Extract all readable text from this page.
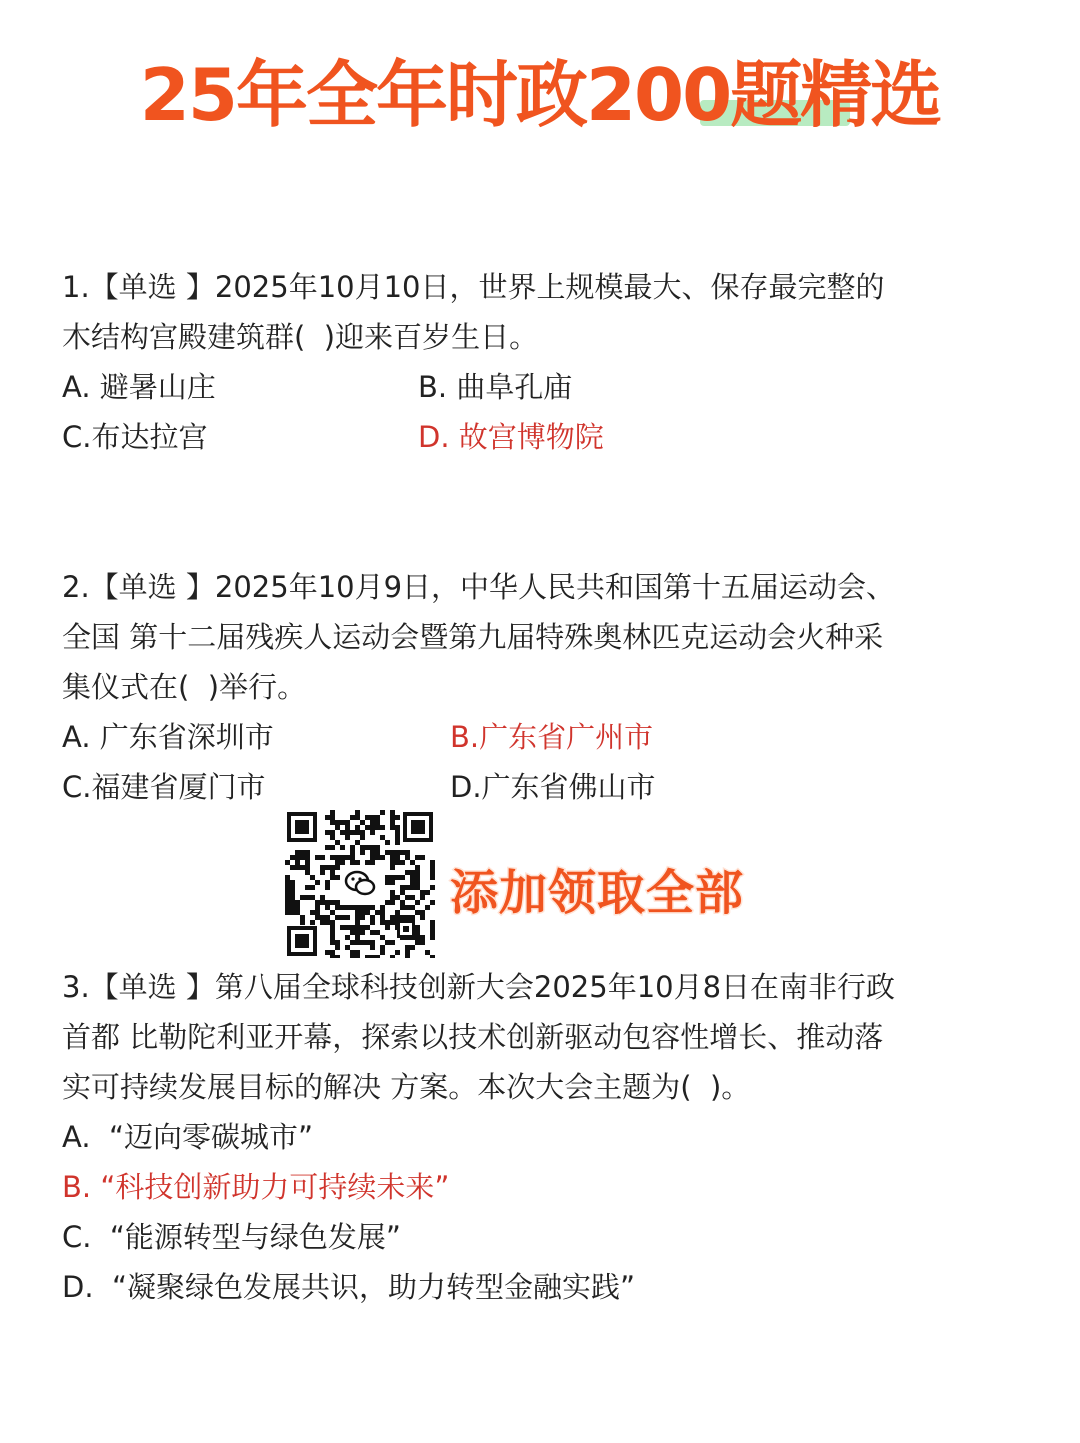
25年全年时政200题精选
1.【单选 】2025年10月10日，世界上规模最大、保存最完整的
木结构宫殿建筑群(  )迎来百岁生日。
A. 避暑山庄	B. 曲阜孔庙
C.布达拉宫	D. 故宫博物院
2.【单选 】2025年10月9日，中华人民共和国第十五届运动会、
全国 第十二届残疾人运动会暨第九届特殊奥林匹克运动会火种采
集仪式在(  )举行。
A. 广东省深圳市	B.广东省广州市
C.福建省厦门市	D.广东省佛山市
添加领取全部
3.【单选 】第八届全球科技创新大会2025年10月8日在南非行政
首都 比勒陀利亚开幕，探索以技术创新驱动包容性增长、推动落
实可持续发展目标的解决 方案。本次大会主题为(  )。
A.  “迈向零碳城市”
B. “科技创新助力可持续未来”
C.  “能源转型与绿色发展”
D.  “凝聚绿色发展共识，助力转型金融实践”
